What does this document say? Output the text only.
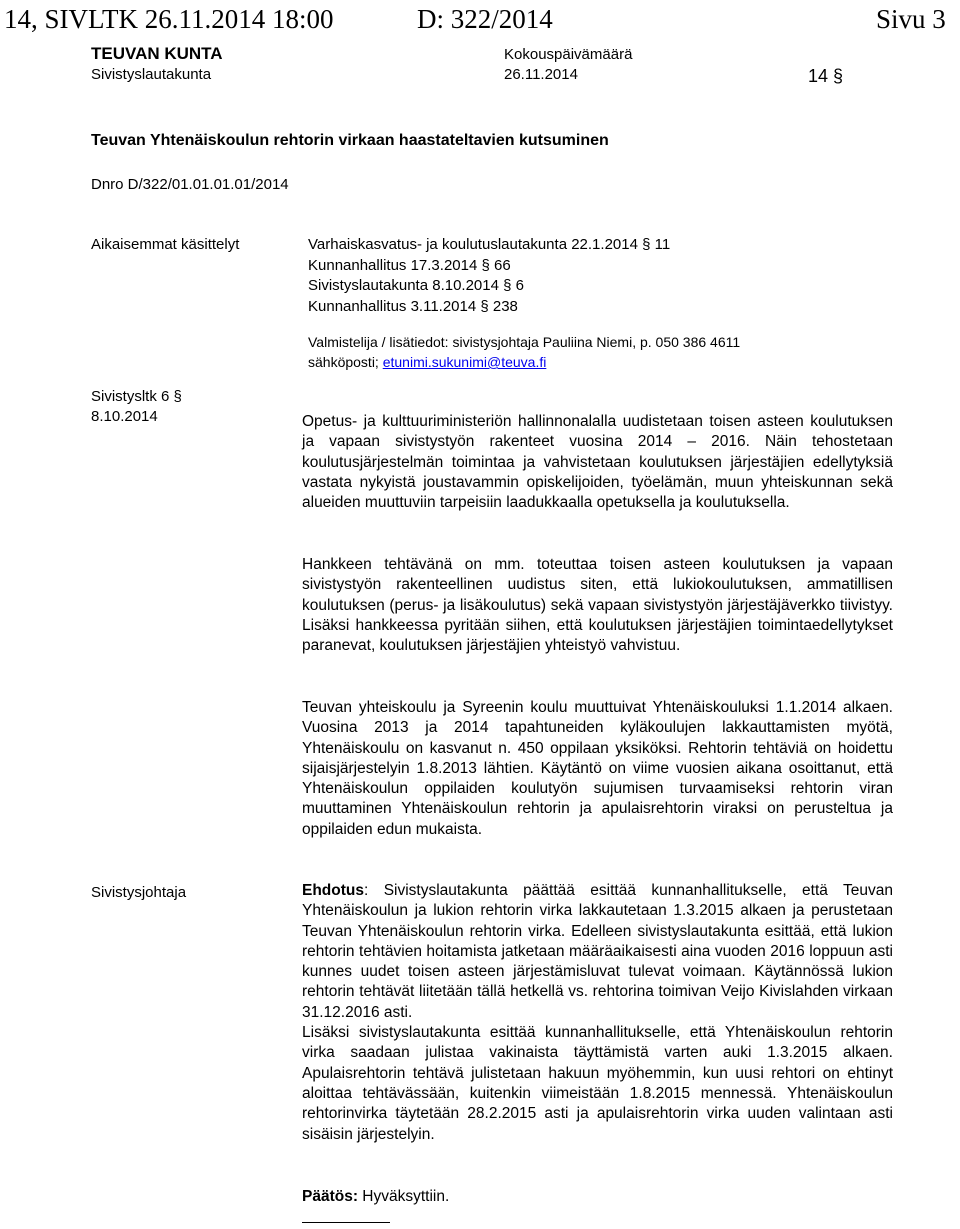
14, SIVLTK 26.11.2014 18:00	D: 322/2014	Sivu 3
TEUVAN KUNTA
Sivistyslautakunta
Kokouspäivämäärä
26.11.2014	14 §
Teuvan Yhtenäiskoulun rehtorin virkaan haastateltavien kutsuminen
Dnro D/322/01.01.01.01/2014
Aikaisemmat käsittelyt	Varhaiskasvatus- ja koulutuslautakunta 22.1.2014 § 11
Kunnanhallitus 17.3.2014 § 66
Sivistyslautakunta 8.10.2014 § 6
Kunnanhallitus 3.11.2014 § 238
Valmistelija / lisätiedot: sivistysjohtaja Pauliina Niemi, p. 050 386 4611
sähköposti; etunimi.sukunimi@teuva.fi
Sivistysltk 6 §
8.10.2014
Sivistysjohtaja

Opetus- ja kulttuuriministeriön hallinnonalalla uudistetaan toisen asteen koulutuksen ja vapaan sivistystyön rakenteet vuosina 2014 – 2016. Näin tehostetaan koulutusjärjestelmän toimintaa ja vahvistetaan koulutuksen järjestäjien edellytyksiä vastata nykyistä joustavammin opiskelijoiden, työelämän, muun yhteiskunnan sekä alueiden muuttuviin tarpeisiin laadukkaalla opetuksella ja koulutuksella.

Hankkeen tehtävänä on mm. toteuttaa toisen asteen koulutuksen ja vapaan sivistystyön rakenteellinen uudistus siten, että lukiokoulutuksen, ammatillisen koulutuksen (perus- ja lisäkoulutus) sekä vapaan sivistystyön järjestäjäverkko tiivistyy. Lisäksi hankkeessa pyritään siihen, että koulutuksen järjestäjien toimintaedellytykset paranevat, koulutuksen järjestäjien yhteistyö vahvistuu.

Teuvan yhteiskoulu ja Syreenin koulu muuttuivat Yhtenäiskouluksi 1.1.2014 alkaen. Vuosina 2013 ja 2014 tapahtuneiden kyläkoulujen lakkauttamisten myötä, Yhtenäiskoulu on kasvanut n. 450 oppilaan yksiköksi. Rehtorin tehtäviä on hoidettu sijaisjärjestelyin 1.8.2013 lähtien. Käytäntö on viime vuosien aikana osoittanut, että Yhtenäiskoulun oppilaiden koulutyön sujumisen turvaamiseksi rehtorin viran muuttaminen Yhtenäiskoulun rehtorin ja apulaisrehtorin viraksi on perusteltua ja oppilaiden edun mukaista.

Ehdotus: Sivistyslautakunta päättää esittää kunnanhallitukselle, että Teuvan Yhtenäiskoulun ja lukion rehtorin virka lakkautetaan 1.3.2015 alkaen ja perustetaan Teuvan Yhtenäiskoulun rehtorin virka. Edelleen sivistyslautakunta esittää, että lukion rehtorin tehtävien hoitamista jatketaan määräaikaisesti aina vuoden 2016 loppuun asti kunnes uudet toisen asteen järjestämisluvat tulevat voimaan. Käytännössä lukion rehtorin tehtävät liitetään tällä hetkellä vs. rehtorina toimivan Veijo Kivislahden virkaan 31.12.2016 asti.

Lisäksi sivistyslautakunta esittää kunnanhallitukselle, että Yhtenäiskoulun rehtorin virka saadaan julistaa vakinaista täyttämistä varten auki 1.3.2015 alkaen. Apulaisrehtorin tehtävä julistetaan hakuun myöhemmin, kun uusi rehtori on ehtinyt aloittaa tehtävässään, kuitenkin viimeistään 1.8.2015 mennessä. Yhtenäiskoulun rehtorinvirka täytetään 28.2.2015 asti ja apulaisrehtorin virka uuden valintaan asti sisäisin järjestelyin.

Päätös: Hyväksyttiin.
